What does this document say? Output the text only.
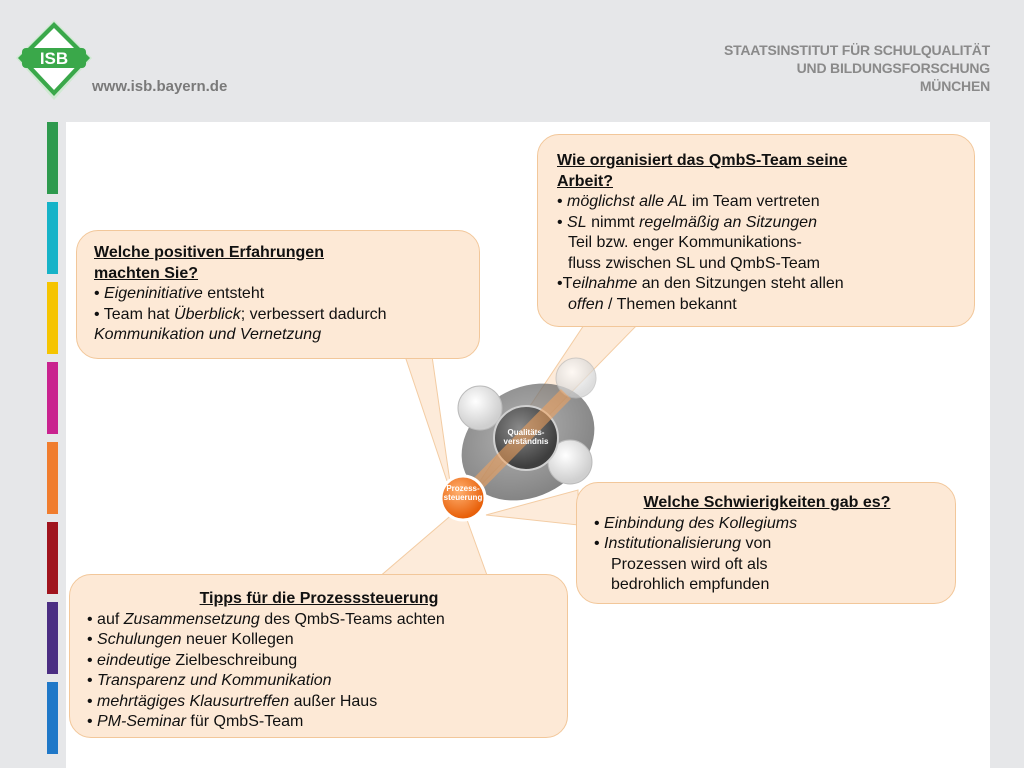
ISB
www.isb.bayern.de
STAATSINSTITUT FÜR SCHULQUALITÄT
UND BILDUNGSFORSCHUNG
MÜNCHEN
Qualitäts-
verständnis
Prozess-
steuerung
Wie organisiert das QmbS-Team seine
Arbeit?
• möglichst alle AL im Team vertreten
• SL nimmt regelmäßig an Sitzungen
Teil bzw. enger Kommunikations-
fluss zwischen SL und QmbS-Team
•Teilnahme an den Sitzungen steht allen
offen / Themen bekannt
Welche positiven Erfahrungen
machten Sie?
• Eigeninitiative entsteht
• Team hat Überblick; verbessert dadurch
Kommunikation und Vernetzung
Welche Schwierigkeiten gab es?
• Einbindung des Kollegiums
• Institutionalisierung von
Prozessen wird oft als
bedrohlich empfunden
Tipps für die Prozesssteuerung
• auf Zusammensetzung des QmbS-Teams achten
• Schulungen neuer Kollegen
• eindeutige Zielbeschreibung
• Transparenz und Kommunikation
• mehrtägiges Klausurtreffen außer Haus
• PM-Seminar für QmbS-Team
